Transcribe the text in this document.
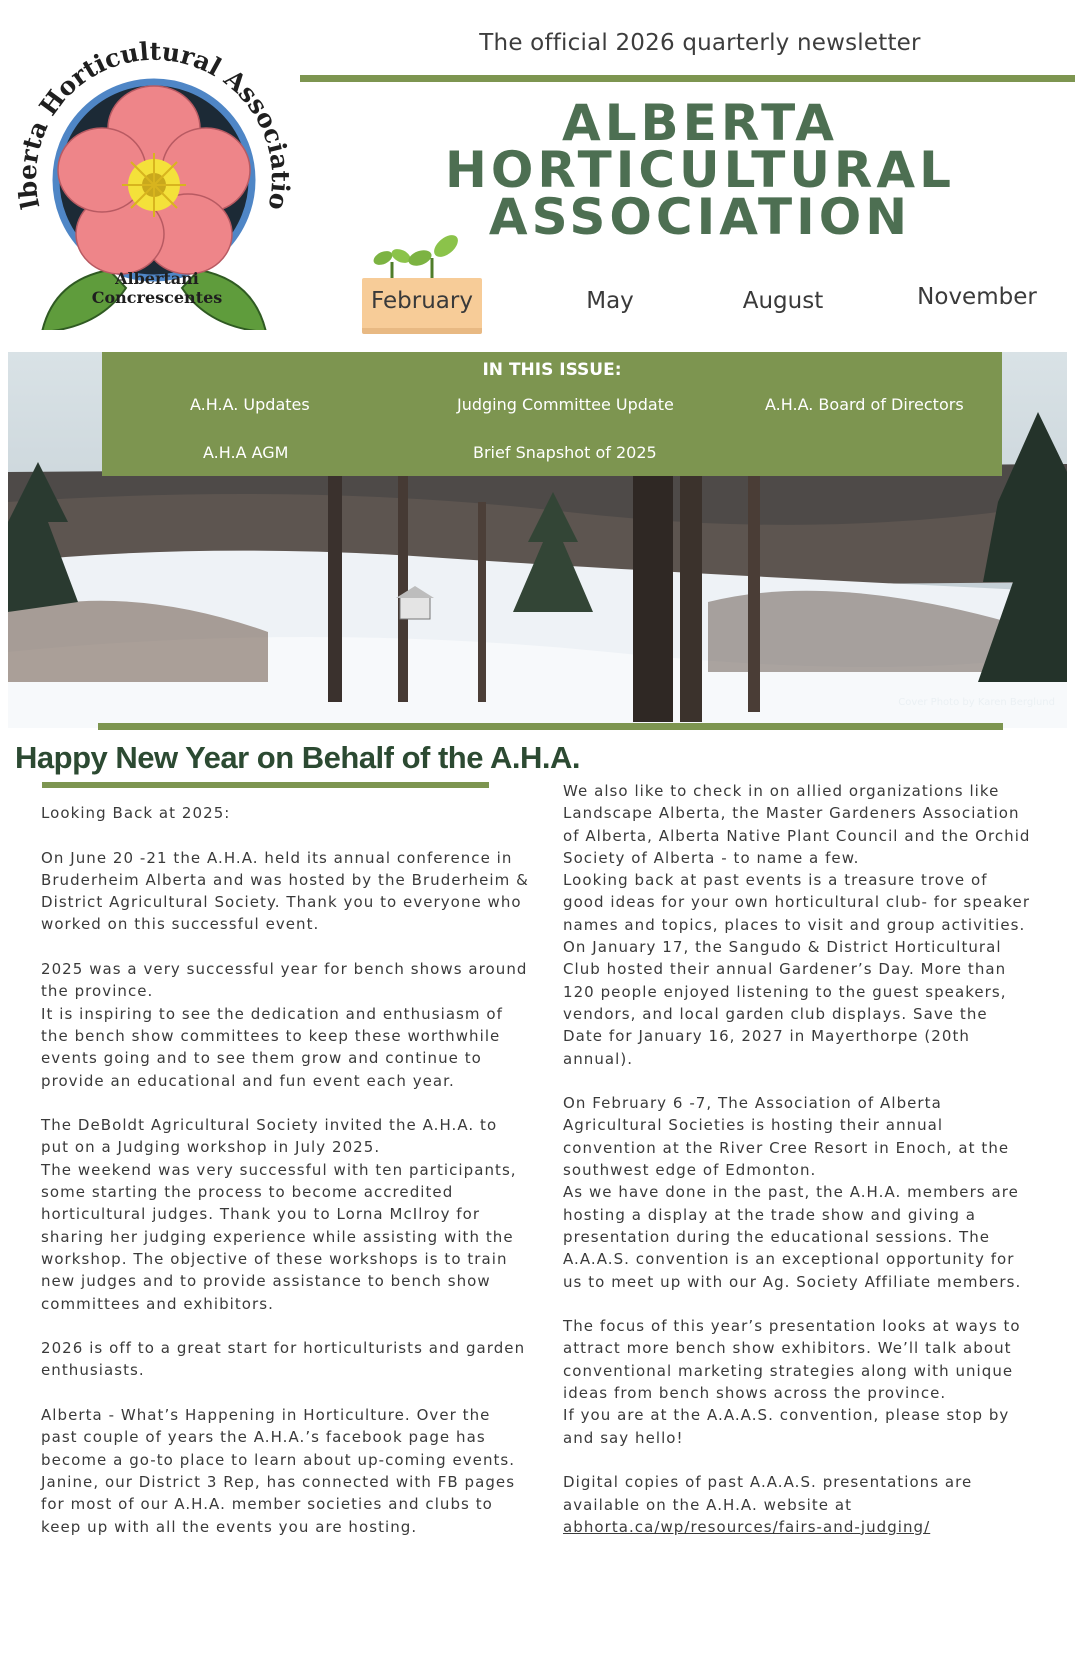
The official 2026 quarterly newsletter
ALBERTA
HORTICULTURAL
ASSOCIATION
lberta Horticultural Associatio
Albertani
Concrescentes	February	May	August	November
Cover Photo by Karen Berglund
IN THIS ISSUE:
A.H.A. Updates	Judging Committee Update	A.H.A. Board of Directors
A.H.A AGM	Brief Snapshot of 2025
Happy New Year on Behalf of the A.H.A.

Looking Back at 2025:

On June 20 -21 the A.H.A. held its annual conference in Bruderheim Alberta and was hosted by the Bruderheim & District Agricultural Society. Thank you to everyone who worked on this successful event.

2025 was a very successful year for bench shows around the province.

It is inspiring to see the dedication and enthusiasm of the bench show committees to keep these worthwhile events going and to see them grow and continue to provide an educational and fun event each year.

The DeBoldt Agricultural Society invited the A.H.A. to put on a Judging workshop in July 2025.

The weekend was very successful with ten participants, some starting the process to become accredited horticultural judges. Thank you to Lorna McIlroy for sharing her judging experience while assisting with the workshop. The objective of these workshops is to train new judges and to provide assistance to bench show committees and exhibitors.

2026 is off to a great start for horticulturists and garden enthusiasts.

Alberta - What’s Happening in Horticulture. Over the past couple of years the A.H.A.’s facebook page has become a go-to place to learn about up-coming events. Janine, our District 3 Rep, has connected with FB pages for most of our A.H.A. member societies and clubs to keep up with all the events you are hosting.

We also like to check in on allied organizations like Landscape Alberta, the Master Gardeners Association of Alberta, Alberta Native Plant Council and the Orchid Society of Alberta - to name a few.

Looking back at past events is a treasure trove of good ideas for your own horticultural club- for speaker names and topics, places to visit and group activities.

On January 17, the Sangudo & District Horticultural Club hosted their annual Gardener’s Day. More than 120 people enjoyed listening to the guest speakers, vendors, and local garden club displays. Save the Date for January 16, 2027 in Mayerthorpe (20th annual).

On February 6 -7, The Association of Alberta Agricultural Societies is hosting their annual convention at the River Cree Resort in Enoch, at the southwest edge of Edmonton.

As we have done in the past, the A.H.A. members are hosting a display at the trade show and giving a presentation during the educational sessions. The A.A.A.S. convention is an exceptional opportunity for us to meet up with our Ag. Society Affiliate members.

The focus of this year’s presentation looks at ways to attract more bench show exhibitors. We’ll talk about conventional marketing strategies along with unique ideas from bench shows across the province.

If you are at the A.A.A.S. convention, please stop by and say hello!

Digital copies of past A.A.A.S. presentations are available on the A.H.A. website at

abhorta.ca/wp/resources/fairs-and-judging/
